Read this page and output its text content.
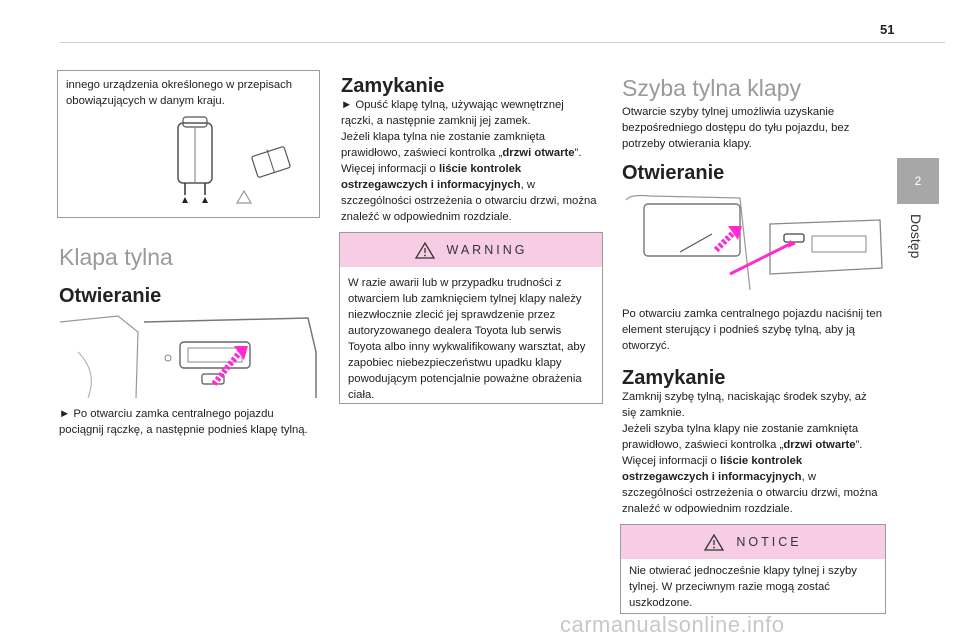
51
2
Dostęp
innego urządzenia określonego w przepisach obowiązujących w danym kraju.
Klapa tylna
Otwieranie
► Po otwarciu zamka centralnego pojazdu pociągnij rączkę, a następnie podnieś klapę tylną.
Zamykanie
► Opuść klapę tylną, używając wewnętrznej rączki, a następnie zamknij jej zamek.
Jeżeli klapa tylna nie zostanie zamknięta prawidłowo, zaświeci kontrolka „drzwi otwarte”. Więcej informacji o liście kontrolek ostrzegawczych i informacyjnych, w szczególności ostrzeżenia o otwarciu drzwi, można znaleźć w odpowiednim rozdziale.
WARNING
W razie awarii lub w przypadku trudności z otwarciem lub zamknięciem tylnej klapy należy niezwłocznie zlecić jej sprawdzenie przez autoryzowanego dealera Toyota lub serwis Toyota albo inny wykwalifikowany warsztat, aby zapobiec niebezpieczeństwu upadku klapy powodującym potencjalnie poważne obrażenia ciała.
Szyba tylna klapy
Otwarcie szyby tylnej umożliwia uzyskanie bezpośredniego dostępu do tyłu pojazdu, bez potrzeby otwierania klapy.
Otwieranie
Po otwarciu zamka centralnego pojazdu naciśnij ten element sterujący i podnieś szybę tylną, aby ją otworzyć.
Zamykanie
Zamknij szybę tylną, naciskając środek szyby, aż się zamknie.
Jeżeli szyba tylna klapy nie zostanie zamknięta prawidłowo, zaświeci kontrolka „drzwi otwarte”. Więcej informacji o liście kontrolek ostrzegawczych i informacyjnych, w szczególności ostrzeżenia o otwarciu drzwi, można znaleźć w odpowiednim rozdziale.
NOTICE
Nie otwierać jednocześnie klapy tylnej i szyby tylnej. W przeciwnym razie mogą zostać uszkodzone.
carmanualsonline.info
